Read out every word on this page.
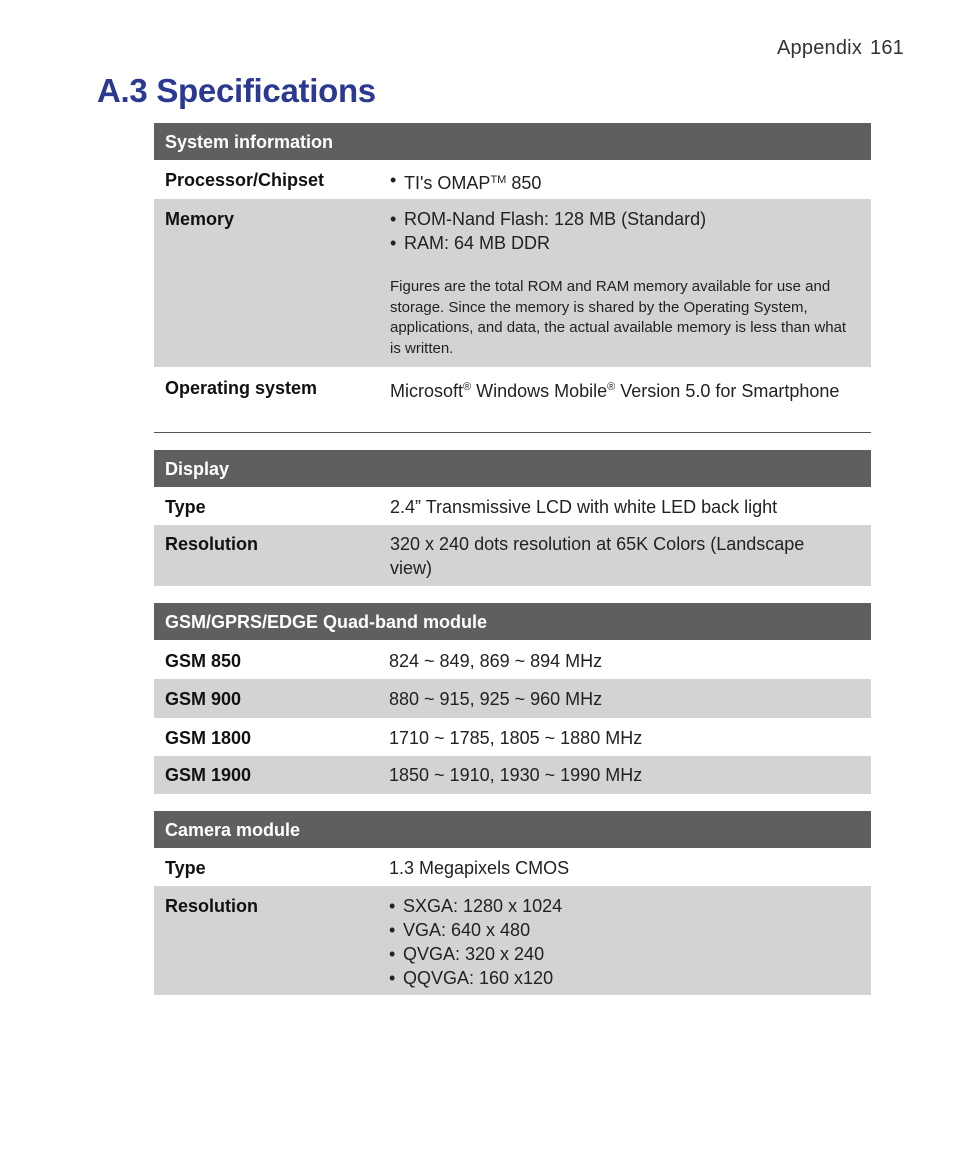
Appendix 161
A.3 Specifications
System information
Processor/Chipset	• TI's OMAP™ 850
Memory	• ROM-Nand Flash: 128 MB (Standard)
• RAM: 64 MB DDR
Figures are the total ROM and RAM memory available for use and storage. Since the memory is shared by the Operating System, applications, and data, the actual available memory is less than what is written.
Operating system	Microsoft® Windows Mobile® Version 5.0 for Smartphone
Display
Type	2.4” Transmissive LCD with white LED back light
Resolution	320 x 240 dots resolution at 65K Colors (Landscape view)
GSM/GPRS/EDGE Quad-band module
GSM 850	824 ~ 849, 869 ~ 894 MHz
GSM 900	880 ~ 915, 925 ~ 960 MHz
GSM 1800	1710 ~ 1785, 1805 ~ 1880 MHz
GSM 1900	1850 ~ 1910, 1930 ~ 1990 MHz
Camera module
Type	1.3 Megapixels CMOS
Resolution	• SXGA: 1280 x 1024
• VGA: 640 x 480
• QVGA: 320 x 240
• QQVGA: 160 x120
